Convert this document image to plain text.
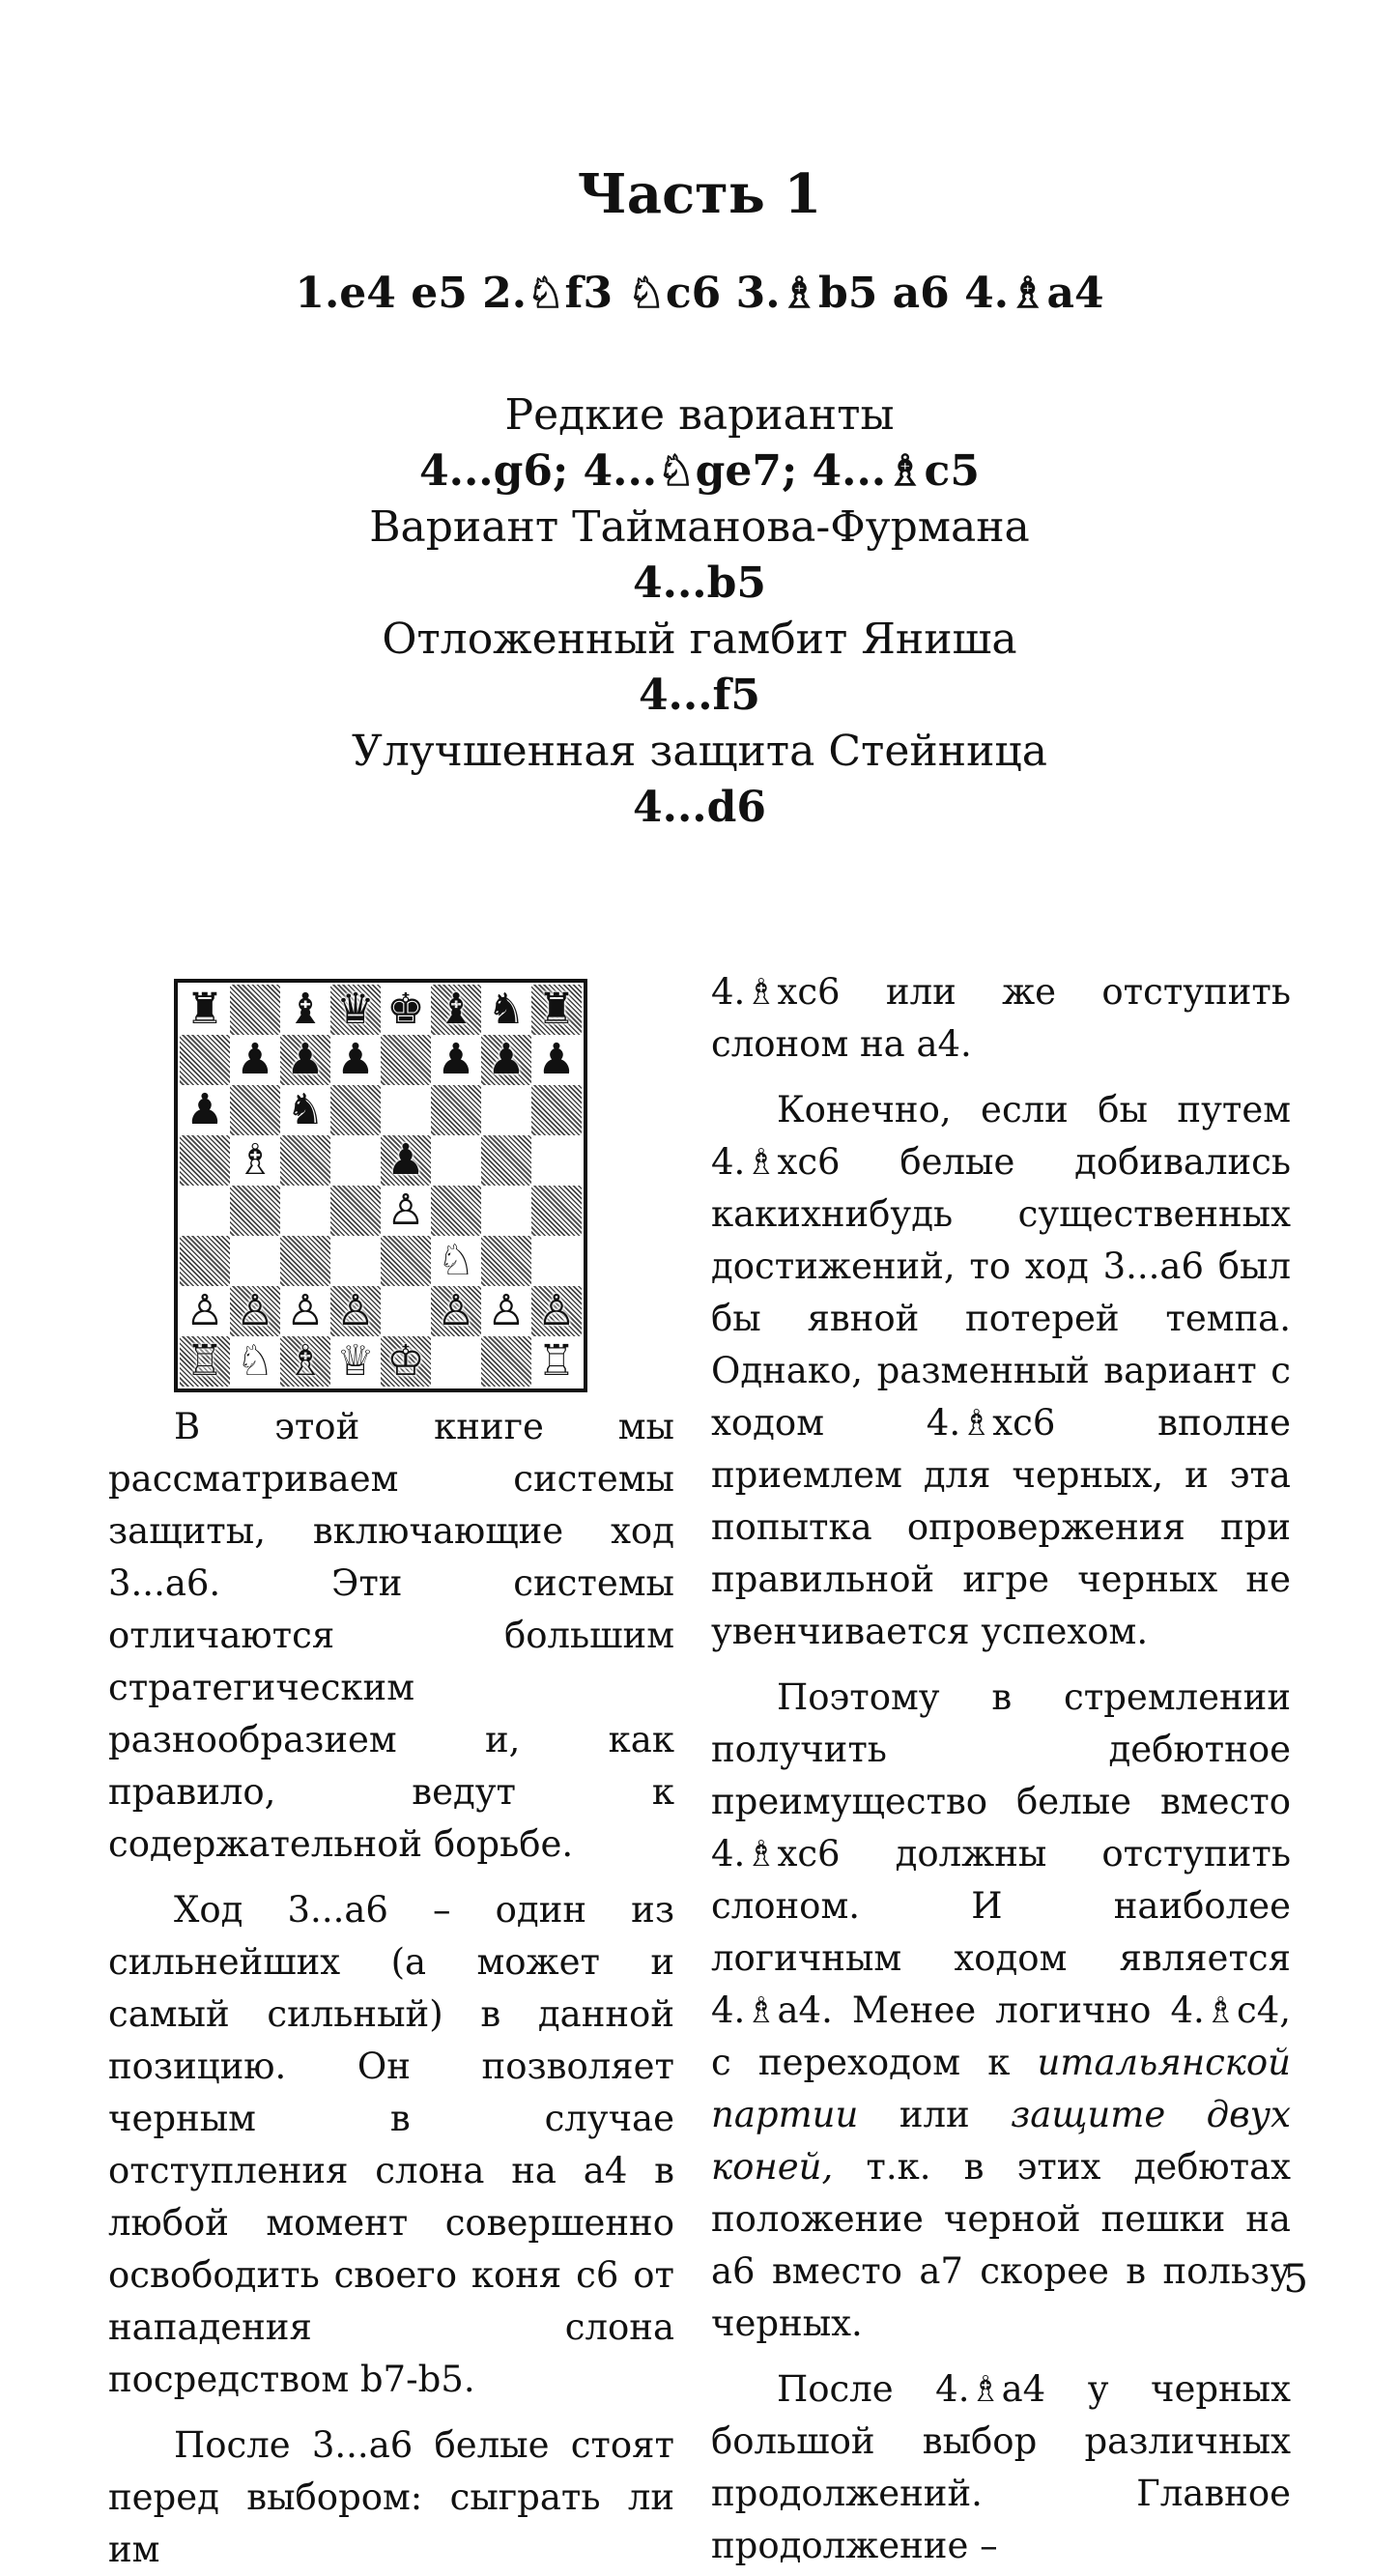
Часть 1
1.e4 e5 2.♘f3 ♘c6 3.♗b5 a6 4.♗a4
Редкие варианты
4...g6; 4...♘ge7; 4...♗c5
Вариант Тайманова-Фурмана
4...b5
Отложенный гамбит Яниша
4...f5
Улучшенная защита Стейница
4...d6
♜ ♝ ♛ ♚ ♝ ♞ ♜
♟ ♟ ♟ ♟ ♟ ♟
♟ ♞
♗	♟
♙
♘
♙ ♙ ♙ ♙ ♙ ♙ ♙
♖ ♘ ♗ ♕ ♔	♖

В этой книге мы рассматриваем системы защиты, включающие ход 3...а6. Эти системы отличаются большим стратегическим разнообразием и, как правило, ведут к содержательной борьбе.

Ход 3...а6 – один из сильнейших (а может и самый сильный) в данной позицию. Он позволяет черным в случае отступления слона на а4 в любой момент совершенно освободить своего коня с6 от нападения слона посредством b7-b5.

После 3...а6 белые стоят перед выбором: сыграть ли им

4.♗xc6 или же отступить слоном на а4.

Конечно, если бы путем 4.♗xc6 белые добивались какихнибудь существенных достижений, то ход 3...а6 был бы явной потерей темпа. Однако, разменный вариант с ходом 4.♗xc6 вполне приемлем для черных, и эта попытка опровержения при правильной игре черных не увенчивается успехом.

Поэтому в стремлении получить дебютное преимущество белые вместо 4.♗xc6 должны отступить слоном. И наиболее логичным ходом является 4.♗a4. Менее логично 4.♗c4, с переходом к итальянской партии или защите двух коней, т.к. в этих дебютах положение черной пешки на а6 вместо а7 скорее в пользу черных.

После 4.♗a4 у черных большой выбор различных продолжений. Главное продолжение –

5
